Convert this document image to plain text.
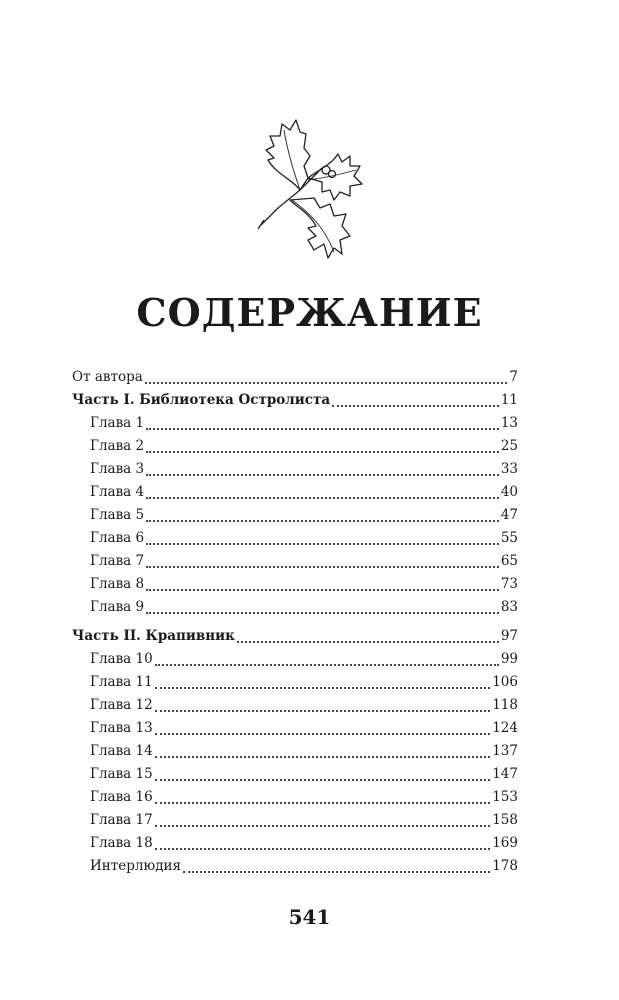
СОДЕРЖАНИЕ
От автора	7
Часть I. Библиотека Остролиста	11
Глава 1	13
Глава 2	25
Глава 3	33
Глава 4	40
Глава 5	47
Глава 6	55
Глава 7	65
Глава 8	73
Глава 9	83
Часть II. Крапивник	97
Глава 10	99
Глава 11	106
Глава 12	118
Глава 13	124
Глава 14	137
Глава 15	147
Глава 16	153
Глава 17	158
Глава 18	169
Интерлюдия	178
541
